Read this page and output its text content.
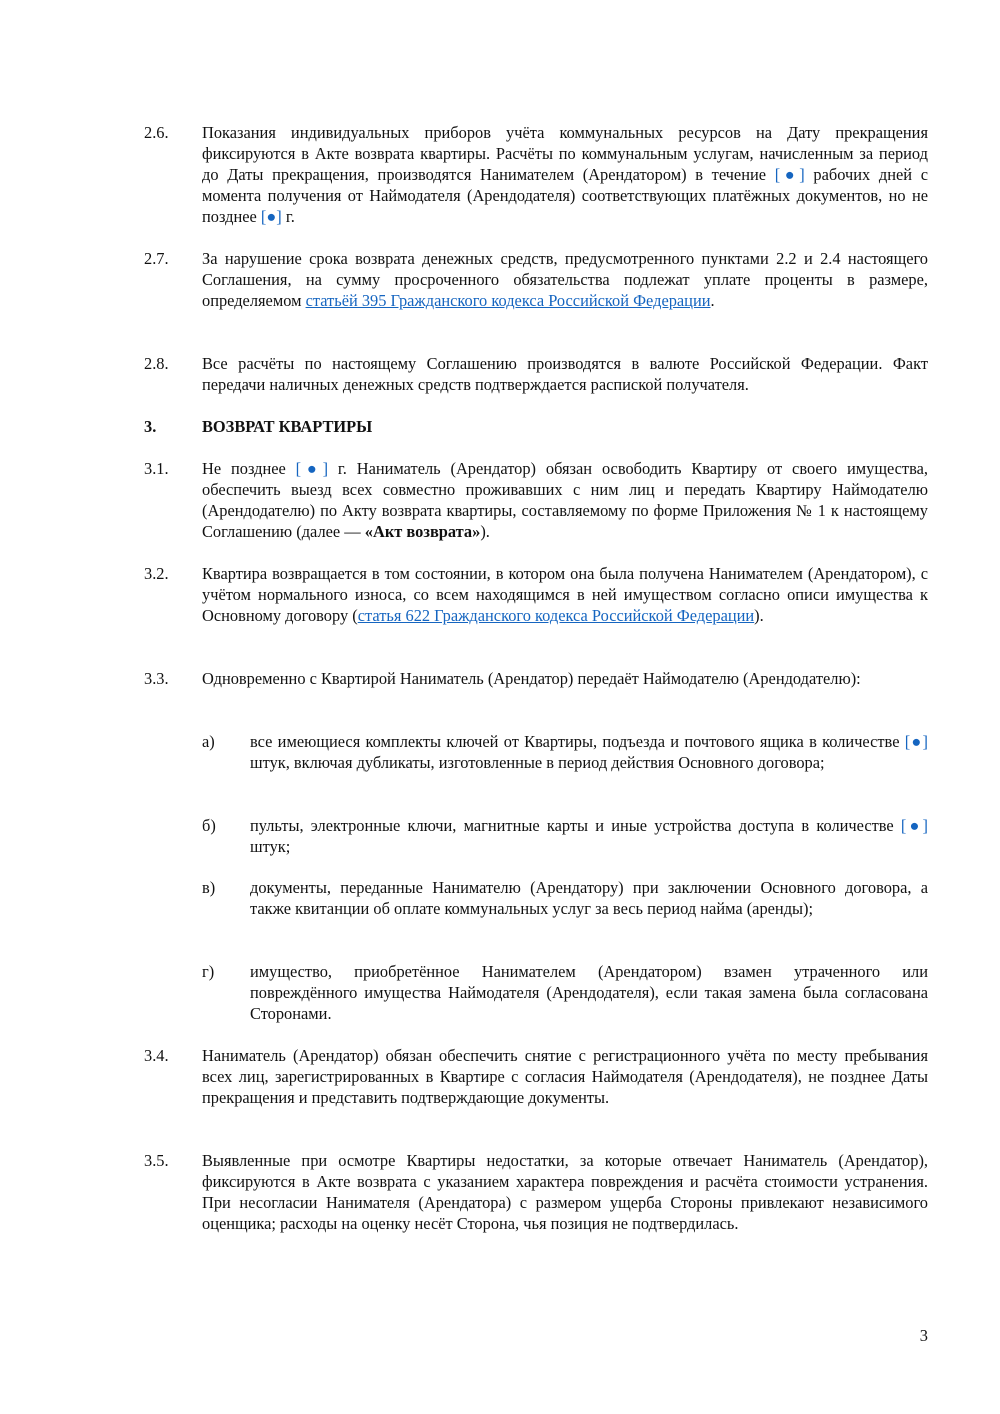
2.6. Показания индивидуальных приборов учёта коммунальных ресурсов на Дату прекращения фиксируются в Акте возврата квартиры. Расчёты по коммунальным услугам, начисленным за период до Даты прекращения, производятся Нанимателем (Арендатором) в течение [●] рабочих дней с момента получения от Наймодателя (Арендодателя) соответствующих платёжных документов, но не позднее [●] г.
2.7. За нарушение срока возврата денежных средств, предусмотренного пунктами 2.2 и 2.4 настоящего Соглашения, на сумму просроченного обязательства подлежат уплате проценты в размере, определяемом статьёй 395 Гражданского кодекса Российской Федерации.
2.8. Все расчёты по настоящему Соглашению производятся в валюте Российской Федерации. Факт передачи наличных денежных средств подтверждается распиской получателя.
3.	ВОЗВРАТ КВАРТИРЫ
3.1. Не позднее [●] г. Наниматель (Арендатор) обязан освободить Квартиру от своего имущества, обеспечить выезд всех совместно проживавших с ним лиц и передать Квартиру Наймодателю (Арендодателю) по Акту возврата квартиры, составляемому по форме Приложения № 1 к настоящему Соглашению (далее — «Акт возврата»).
3.2. Квартира возвращается в том состоянии, в котором она была получена Нанимателем (Арендатором), с учётом нормального износа, со всем находящимся в ней имуществом согласно описи имущества к Основному договору (статья 622 Гражданского кодекса Российской Федерации).
3.3. Одновременно с Квартирой Наниматель (Арендатор) передаёт Наймодателю (Арендодателю):
а) все имеющиеся комплекты ключей от Квартиры, подъезда и почтового ящика в количестве [●] штук, включая дубликаты, изготовленные в период действия Основного договора;
б) пульты, электронные ключи, магнитные карты и иные устройства доступа в количестве [●] штук;
в) документы, переданные Нанимателю (Арендатору) при заключении Основного договора, а также квитанции об оплате коммунальных услуг за весь период найма (аренды);
г) имущество, приобретённое Нанимателем (Арендатором) взамен утраченного или повреждённого имущества Наймодателя (Арендодателя), если такая замена была согласована Сторонами.
3.4. Наниматель (Арендатор) обязан обеспечить снятие с регистрационного учёта по месту пребывания всех лиц, зарегистрированных в Квартире с согласия Наймодателя (Арендодателя), не позднее Даты прекращения и представить подтверждающие документы.
3.5. Выявленные при осмотре Квартиры недостатки, за которые отвечает Наниматель (Арендатор), фиксируются в Акте возврата с указанием характера повреждения и расчёта стоимости устранения. При несогласии Нанимателя (Арендатора) с размером ущерба Стороны привлекают независимого оценщика; расходы на оценку несёт Сторона, чья позиция не подтвердилась.
3
